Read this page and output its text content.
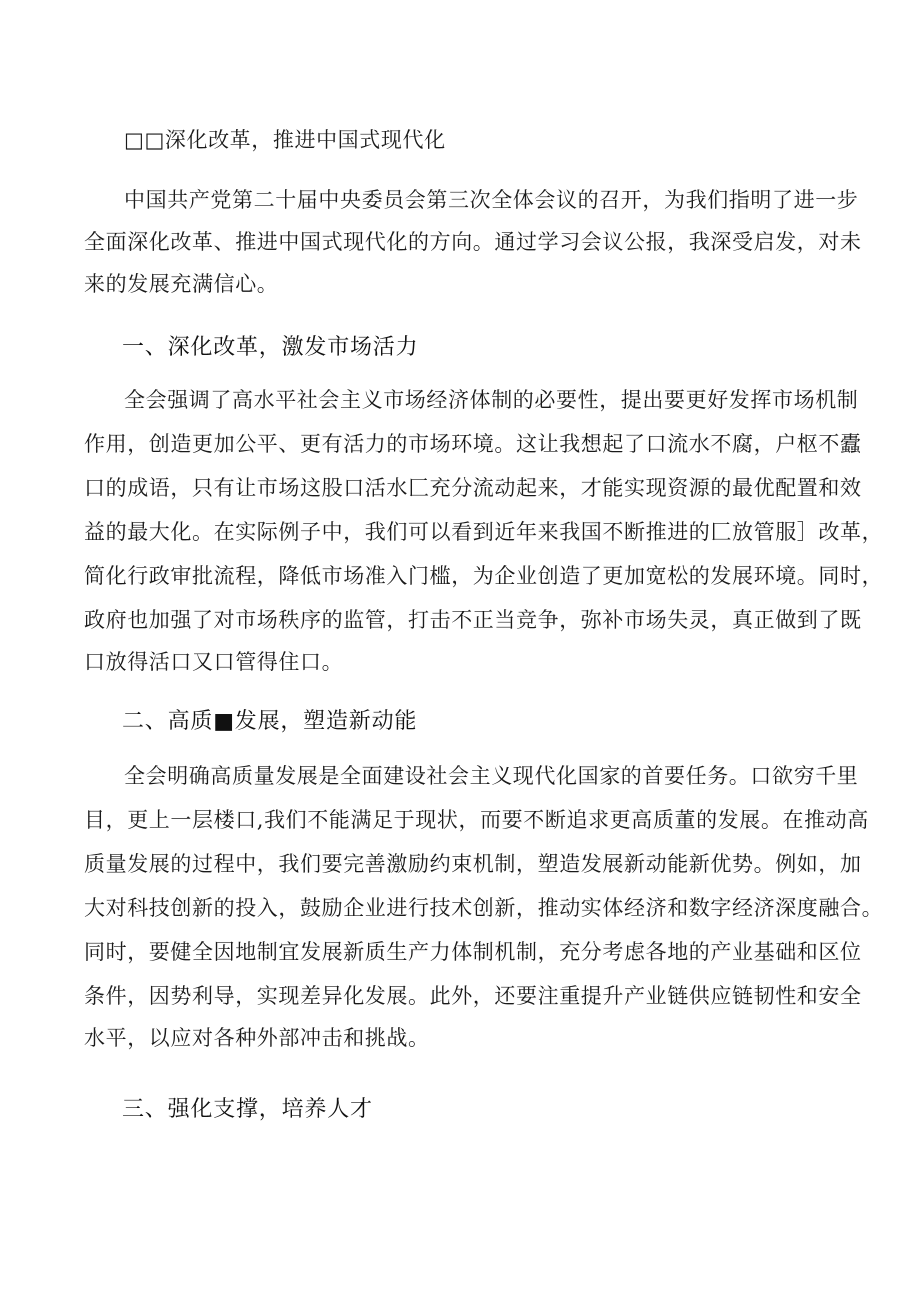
□□深化改革，推进中国式现代化
中国共产党第二十届中央委员会第三次全体会议的召开，为我们指明了进一步
全面深化改革、推进中国式现代化的方向。通过学习会议公报，我深受启发，对未
来的发展充满信心。
一、深化改革，激发市场活力
全会强调了高水平社会主义市场经济体制的必要性，提出要更好发挥市场机制
作用，创造更加公平、更有活力的市场环境。这让我想起了口流水不腐，户枢不蠹
口的成语，只有让市场这股口活水匚充分流动起来，才能实现资源的最优配置和效
益的最大化。在实际例子中，我们可以看到近年来我国不断推进的匚放管服］改革，
简化行政审批流程，降低市场准入门槛，为企业创造了更加宽松的发展环境。同时，
政府也加强了对市场秩序的监管，打击不正当竞争，弥补市场失灵，真正做到了既
口放得活口又口管得住口。
二、高质■发展，塑造新动能
全会明确高质量发展是全面建设社会主义现代化国家的首要任务。口欲穷千里
目，更上一层楼口,我们不能满足于现状，而要不断追求更高质董的发展。在推动高
质量发展的过程中，我们要完善激励约束机制，塑造发展新动能新优势。例如，加
大对科技创新的投入，鼓励企业进行技术创新，推动实体经济和数字经济深度融合。
同时，要健全因地制宜发展新质生产力体制机制，充分考虑各地的产业基础和区位
条件，因势利导，实现差异化发展。此外，还要注重提升产业链供应链韧性和安全
水平，以应对各种外部冲击和挑战。
三、强化支撑，培养人才
